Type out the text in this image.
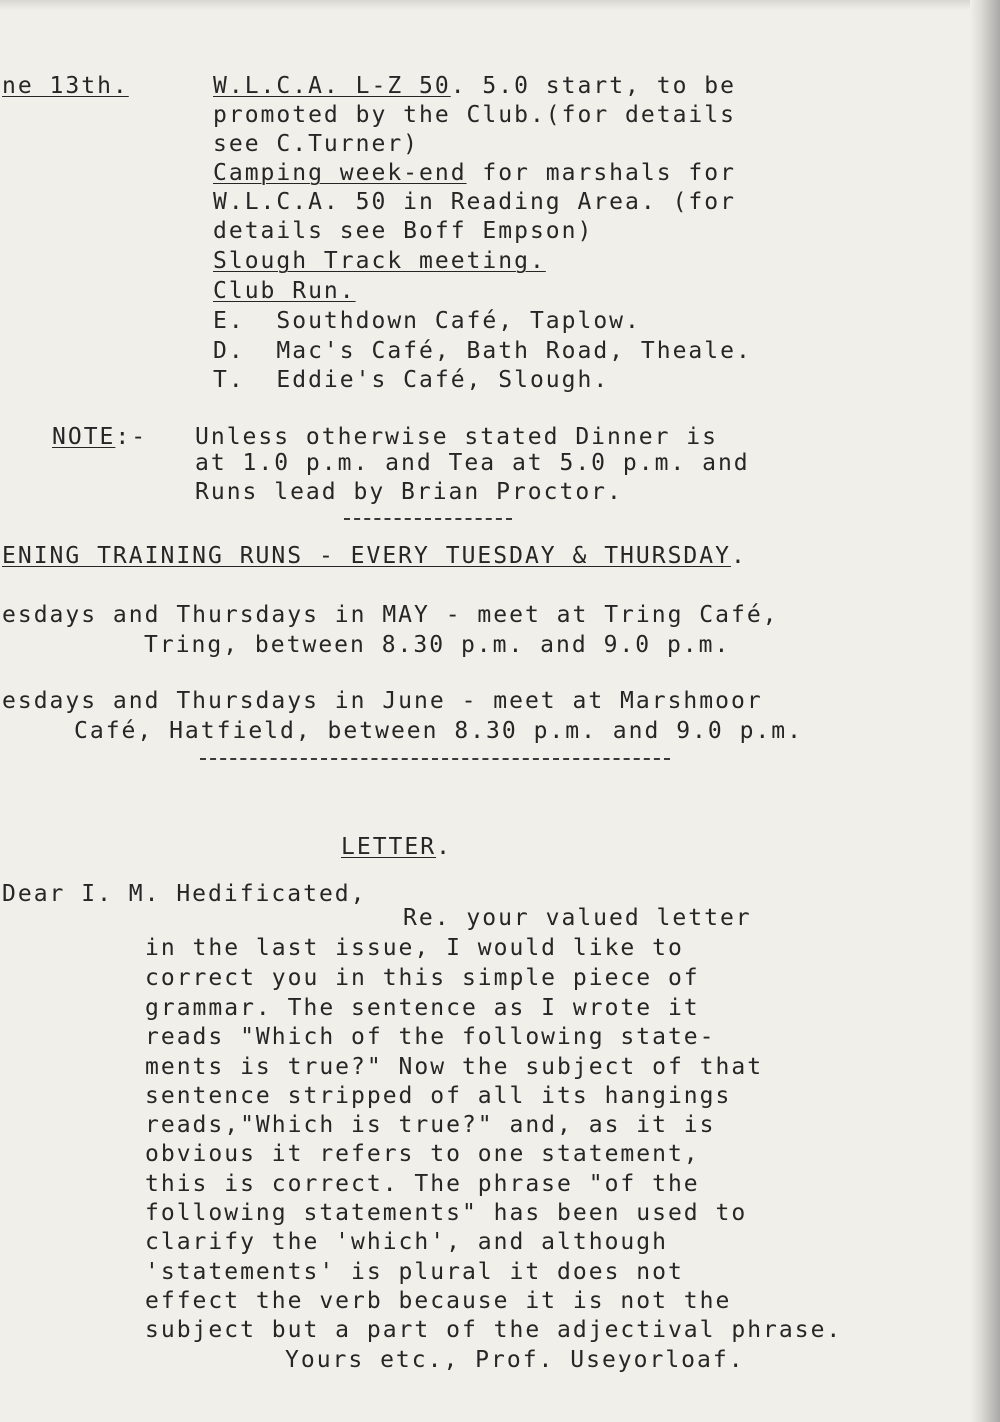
ne 13th.	W.L.C.A. L-Z 50. 5.0 start, to be
promoted by the Club.(for details
see C.Turner)
Camping week-end for marshals for
W.L.C.A. 50 in Reading Area. (for
details see Boff Empson)
Slough Track meeting.
Club Run.
E.  Southdown Café, Taplow.
D.  Mac's Café, Bath Road, Theale.
T.  Eddie's Café, Slough.
NOTE:- Unless otherwise stated Dinner is
at 1.0 p.m. and Tea at 5.0 p.m. and
Runs lead by Brian Proctor.
ENING TRAINING RUNS - EVERY TUESDAY & THURSDAY.
esdays and Thursdays in MAY - meet at Tring Café,
Tring, between 8.30 p.m. and 9.0 p.m.
esdays and Thursdays in June - meet at Marshmoor
Café, Hatfield, between 8.30 p.m. and 9.0 p.m.
LETTER.
Dear I. M. Hedificated,
Re. your valued letter
in the last issue, I would like to
correct you in this simple piece of
grammar. The sentence as I wrote it
reads "Which of the following state-
ments is true?" Now the subject of that
sentence stripped of all its hangings
reads,"Which is true?" and, as it is
obvious it refers to one statement,
this is correct. The phrase "of the
following statements" has been used to
clarify the 'which', and although
'statements' is plural it does not
effect the verb because it is not the
subject but a part of the adjectival phrase.
Yours etc., Prof. Useyorloaf.
